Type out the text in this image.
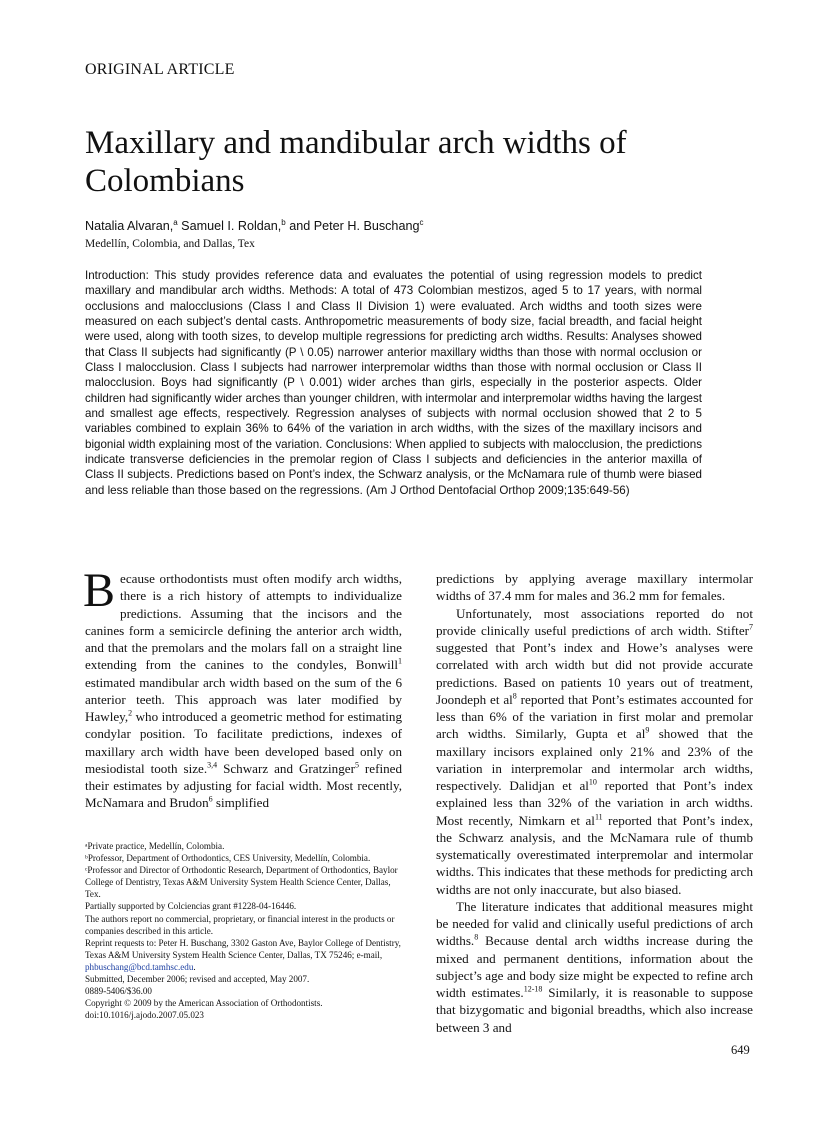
ORIGINAL ARTICLE
Maxillary and mandibular arch widths of Colombians
Natalia Alvaran,$^a$ Samuel I. Roldan,$^b$ and Peter H. Buschang$^c$
Medellín, Colombia, and Dallas, Tex

Introduction: This study provides reference data and evaluates the potential of using regression models to predict maxillary and mandibular arch widths. Methods: A total of 473 Colombian mestizos, aged 5 to 17 years, with normal occlusions and malocclusions (Class I and Class II Division 1) were evaluated. Arch widths and tooth sizes were measured on each subject’s dental casts. Anthropometric measurements of body size, facial breadth, and facial height were used, along with tooth sizes, to develop multiple regressions for predicting arch widths. Results: Analyses showed that Class II subjects had significantly (P \ 0.05) narrower anterior maxillary widths than those with normal occlusion or Class I malocclusion. Class I subjects had narrower interpremolar widths than those with normal occlusion or Class II malocclusion. Boys had significantly (P \ 0.001) wider arches than girls, especially in the posterior aspects. Older children had significantly wider arches than younger children, with intermolar and interpremolar widths having the largest and smallest age effects, respectively. Regression analyses of subjects with normal occlusion showed that 2 to 5 variables combined to explain 36% to 64% of the variation in arch widths, with the sizes of the maxillary incisors and bigonial width explaining most of the variation. Conclusions: When applied to subjects with malocclusion, the predictions indicate transverse deficiencies in the premolar region of Class I subjects and deficiencies in the anterior maxilla of Class II subjects. Predictions based on Pont’s index, the Schwarz analysis, or the McNamara rule of thumb were biased and less reliable than those based on the regressions. (Am J Orthod Dentofacial Orthop 2009;135:649-56)

Because orthodontists must often modify arch widths, there is a rich history of attempts to individualize predictions. Assuming that the incisors and the canines form a semicircle defining the anterior arch width, and that the premolars and the molars fall on a straight line extending from the canines to the condyles, Bonwill$^1$ estimated mandibular arch width based on the sum of the 6 anterior teeth. This approach was later modified by Hawley,$^2$ who introduced a geometric method for estimating condylar position. To facilitate predictions, indexes of maxillary arch width have been developed based only on mesiodistal tooth size.$^{3,4}$ Schwarz and Gratzinger$^5$ refined their estimates by adjusting for facial width. Most recently, McNamara and Brudon$^6$ simplified

predictions by applying average maxillary intermolar widths of 37.4 mm for males and 36.2 mm for females.

Unfortunately, most associations reported do not provide clinically useful predictions of arch width. Stifter$^7$ suggested that Pont’s index and Howe’s analyses were correlated with arch width but did not provide accurate predictions. Based on patients 10 years out of treatment, Joondeph et $al^8$ reported that Pont’s estimates accounted for less than 6% of the variation in first molar and premolar arch widths. Similarly, Gupta et $al^9$ showed that the maxillary incisors explained only 21% and 23% of the variation in interpremolar and intermolar arch widths, respectively. Dalidjan et $al^{10}$ reported that Pont’s index explained less than 32% of the variation in arch widths. Most recently, Nimkarn et $al^{11}$ reported that Pont’s index, the Schwarz analysis, and the McNamara rule of thumb systematically overestimated interpremolar and intermolar widths. This indicates that these methods for predicting arch widths are not only inaccurate, but also biased.

The literature indicates that additional measures might be needed for valid and clinically useful predictions of arch widths.$^8$ Because dental arch widths increase during the mixed and permanent dentitions, information about the subject’s age and body size might be expected to refine arch width estimates.$^{12-18}$ Similarly, it is reasonable to suppose that bizygomatic and bigonial breadths, which also increase between 3 and

ᵃPrivate practice, Medellín, Colombia.
ᵇProfessor, Department of Orthodontics, CES University, Medellín, Colombia.
ᶜProfessor and Director of Orthodontic Research, Department of Orthodontics, Baylor College of Dentistry, Texas A&M University System Health Science Center, Dallas, Tex.
Partially supported by Colciencias grant #1228-04-16446.
The authors report no commercial, proprietary, or financial interest in the products or companies described in this article.
Reprint requests to: Peter H. Buschang, 3302 Gaston Ave, Baylor College of Dentistry, Texas A&M University System Health Science Center, Dallas, TX 75246; e-mail, phbuschang@bcd.tamhsc.edu.
Submitted, December 2006; revised and accepted, May 2007.
0889-5406/$36.00
Copyright © 2009 by the American Association of Orthodontists.
doi:10.1016/j.ajodo.2007.05.023
649
